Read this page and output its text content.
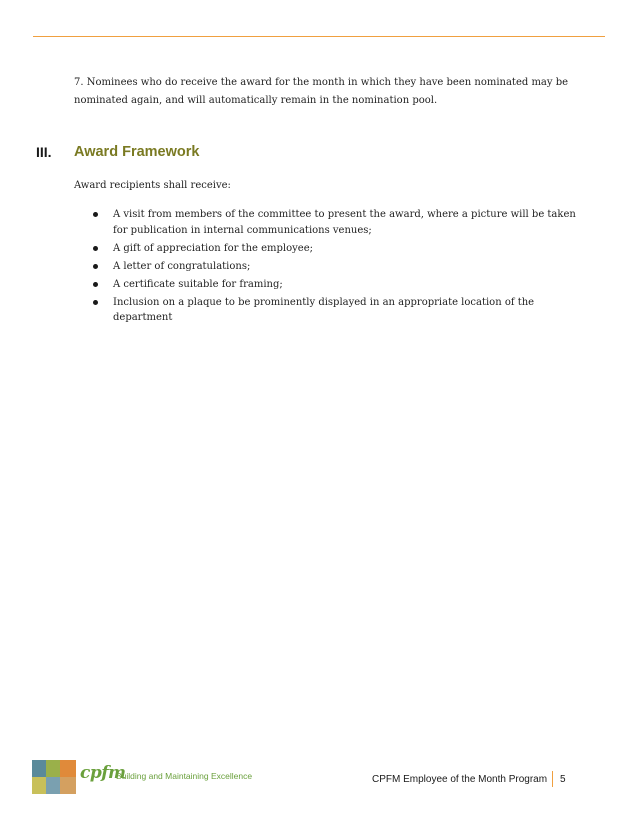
7. Nominees who do receive the award for the month in which they have been nominated may be nominated again, and will automatically remain in the nomination pool.

III. Award Framework

Award recipients shall receive:

A visit from members of the committee to present the award, where a picture will be taken for publication in internal communications venues;
A gift of appreciation for the employee;
A letter of congratulations;
A certificate suitable for framing;
Inclusion on a plaque to be prominently displayed in an appropriate location of the department
cpfm
Building and Maintaining Excellence	CPFM Employee of the Month Program 5
